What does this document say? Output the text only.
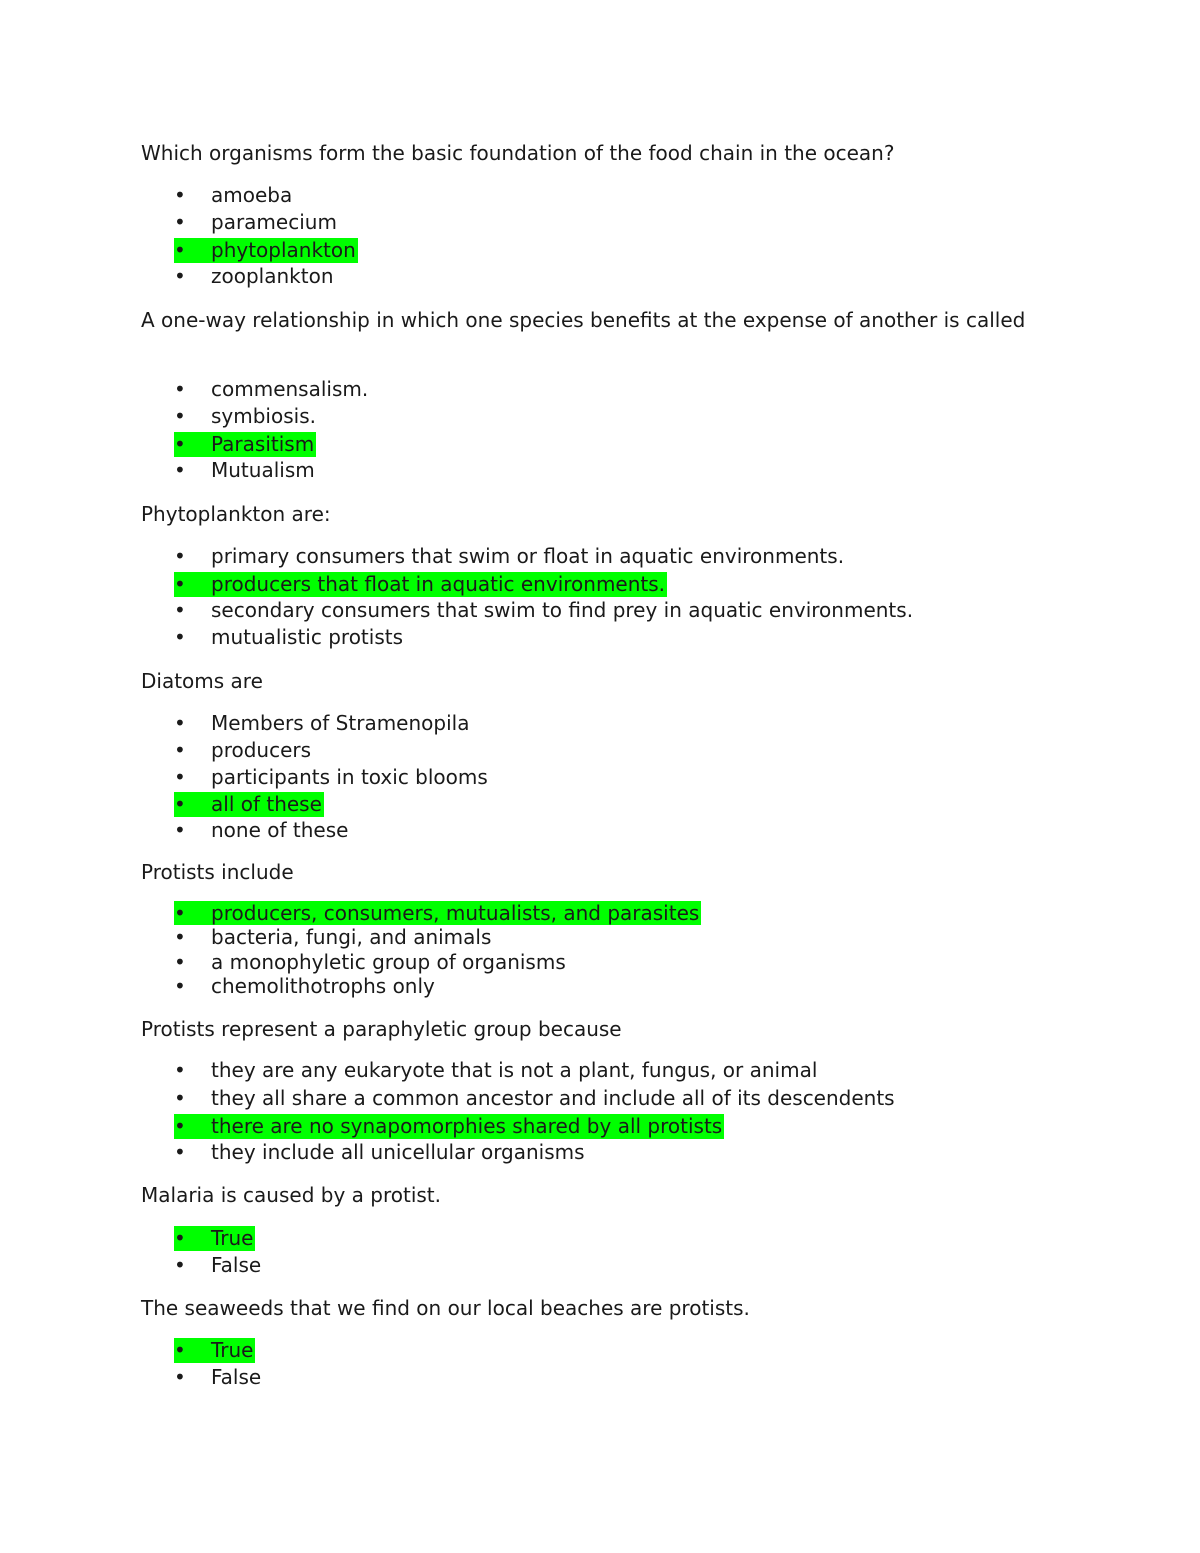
Which organisms form the basic foundation of the food chain in the ocean?

• amoeba
• paramecium
• phytoplankton
• zooplankton

A one-way relationship in which one species benefits at the expense of another is called

• commensalism.
• symbiosis.
• Parasitism
• Mutualism

Phytoplankton are:

• primary consumers that swim or float in aquatic environments.
• producers that float in aquatic environments.
• secondary consumers that swim to find prey in aquatic environments.
• mutualistic protists

Diatoms are

• Members of Stramenopila
• producers
• participants in toxic blooms
• all of these
• none of these

Protists include

• producers, consumers, mutualists, and parasites
• bacteria, fungi, and animals
• a monophyletic group of organisms
• chemolithotrophs only

Protists represent a paraphyletic group because

• they are any eukaryote that is not a plant, fungus, or animal
• they all share a common ancestor and include all of its descendents
• there are no synapomorphies shared by all protists
• they include all unicellular organisms

Malaria is caused by a protist.

• True
• False

The seaweeds that we find on our local beaches are protists.

• True
• False
